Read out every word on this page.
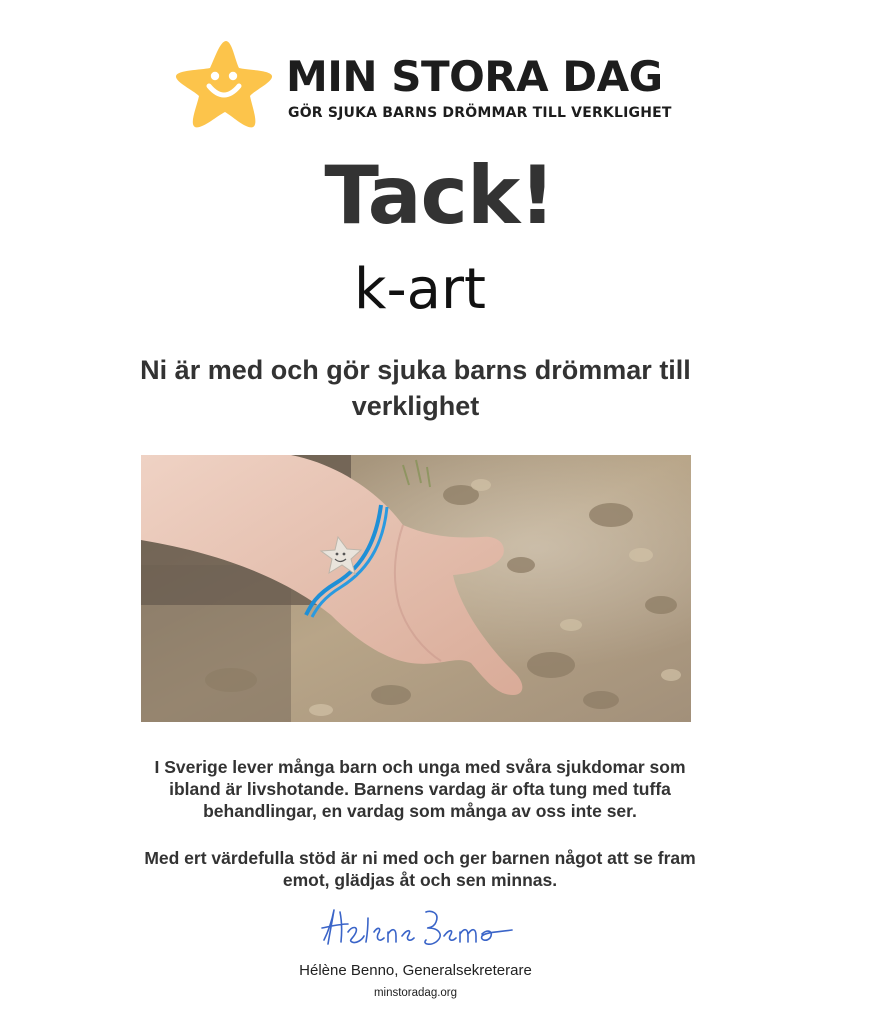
MIN STORA DAG
GÖR SJUKA BARNS DRÖMMAR TILL VERKLIGHET
Tack!
k-art
Ni är med och gör sjuka barns drömmar till verklighet

I Sverige lever många barn och unga med svåra sjukdomar som ibland är livshotande. Barnens vardag är ofta tung med tuffa behandlingar, en vardag som många av oss inte ser.

Med ert värdefulla stöd är ni med och ger barnen något att se fram emot, glädjas åt och sen minnas.

Hélène Benno, Generalsekreterare
minstoradag.org
